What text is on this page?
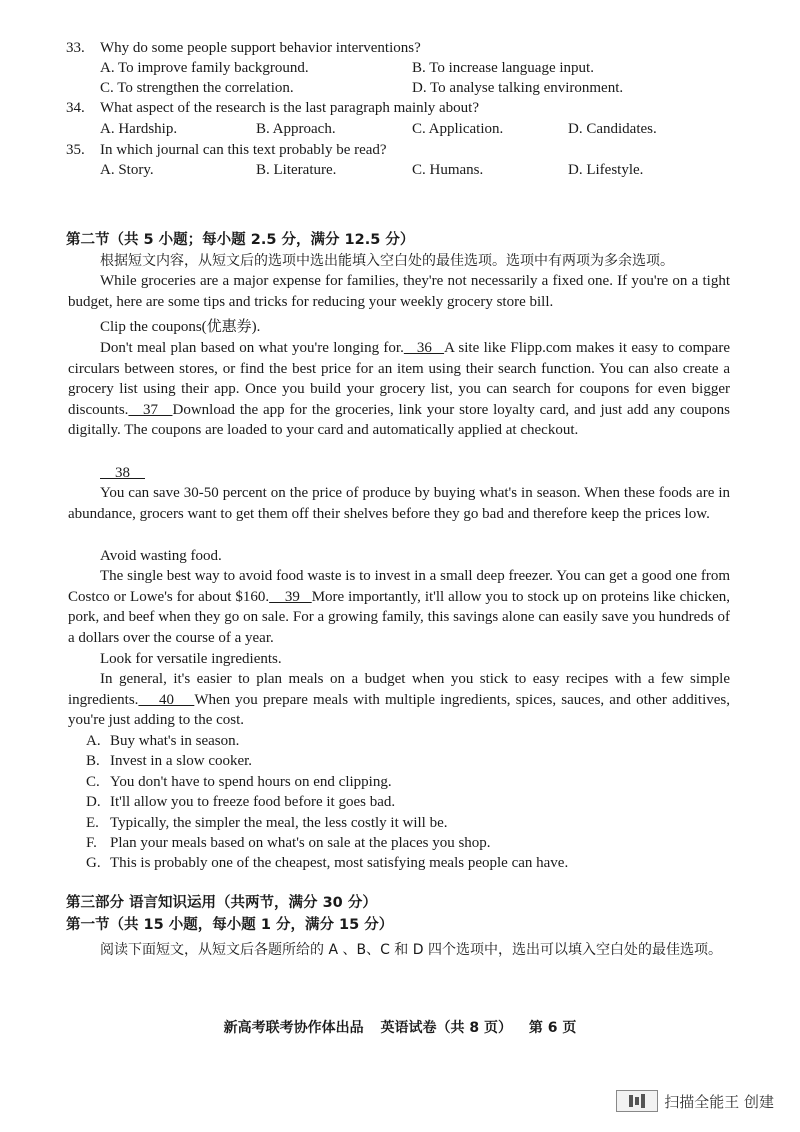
33. Why do some people support behavior interventions?
A. To improve family background.	B. To increase language input.
C. To strengthen the correlation.	D. To analyse talking environment.
34. What aspect of the research is the last paragraph mainly about?
A. Hardship.	B. Approach.	C. Application.	D. Candidates.
35. In which journal can this text probably be read?
A. Story.	B. Literature.	C. Humans.	D. Lifestyle.
第二节（共 5 小题；每小题 2.5 分，满分 12.5 分）
根据短文内容，从短文后的选项中选出能填入空白处的最佳选项。选项中有两项为多余选项。

While groceries are a major expense for families, they're not necessarily a fixed one. If you're on a tight budget, here are some tips and tricks for reducing your weekly grocery store bill.

Clip the coupons(优惠券).

Don't meal plan based on what you're longing for.   36   A site like Flipp.com makes it easy to compare circulars between stores, or find the best price for an item using their search function. You can also create a grocery list using their app. Once you build your grocery list, you can search for coupons for even bigger discounts.   37   Download the app for the groceries, link your store loyalty card, and just add any coupons digitally. The coupons are loaded to your card and automatically applied at checkout.

38

You can save 30-50 percent on the price of produce by buying what's in season. When these foods are in abundance, grocers want to get them off their shelves before they go bad and therefore keep the prices low.

Avoid wasting food.

The single best way to avoid food waste is to invest in a small deep freezer. You can get a good one from Costco or Lowe's for about $160.    39   More importantly, it'll allow you to stock up on proteins like chicken, pork, and beef when they go on sale. For a growing family, this savings alone can easily save you hundreds of a dollars over the course of a year.

Look for versatile ingredients.

In general, it's easier to plan meals on a budget when you stick to easy recipes with a few simple ingredients.    40    When you prepare meals with multiple ingredients, spices, sauces, and other additives, you're just adding to the cost.

A. Buy what's in season.
B. Invest in a slow cooker.
C. You don't have to spend hours on end clipping.
D. It'll allow you to freeze food before it goes bad.
E. Typically, the simpler the meal, the less costly it will be.
F. Plan your meals based on what's on sale at the places you shop.
G. This is probably one of the cheapest, most satisfying meals people can have.
第三部分 语言知识运用（共两节，满分 30 分）
第一节（共 15 小题，每小题 1 分，满分 15 分）

阅读下面短文，从短文后各题所给的 A 、B、C 和 D 四个选项中，选出可以填入空白处的最佳选项。

新高考联考协作体出品 英语试卷（共 8 页） 第 6 页
扫描全能王 创建
